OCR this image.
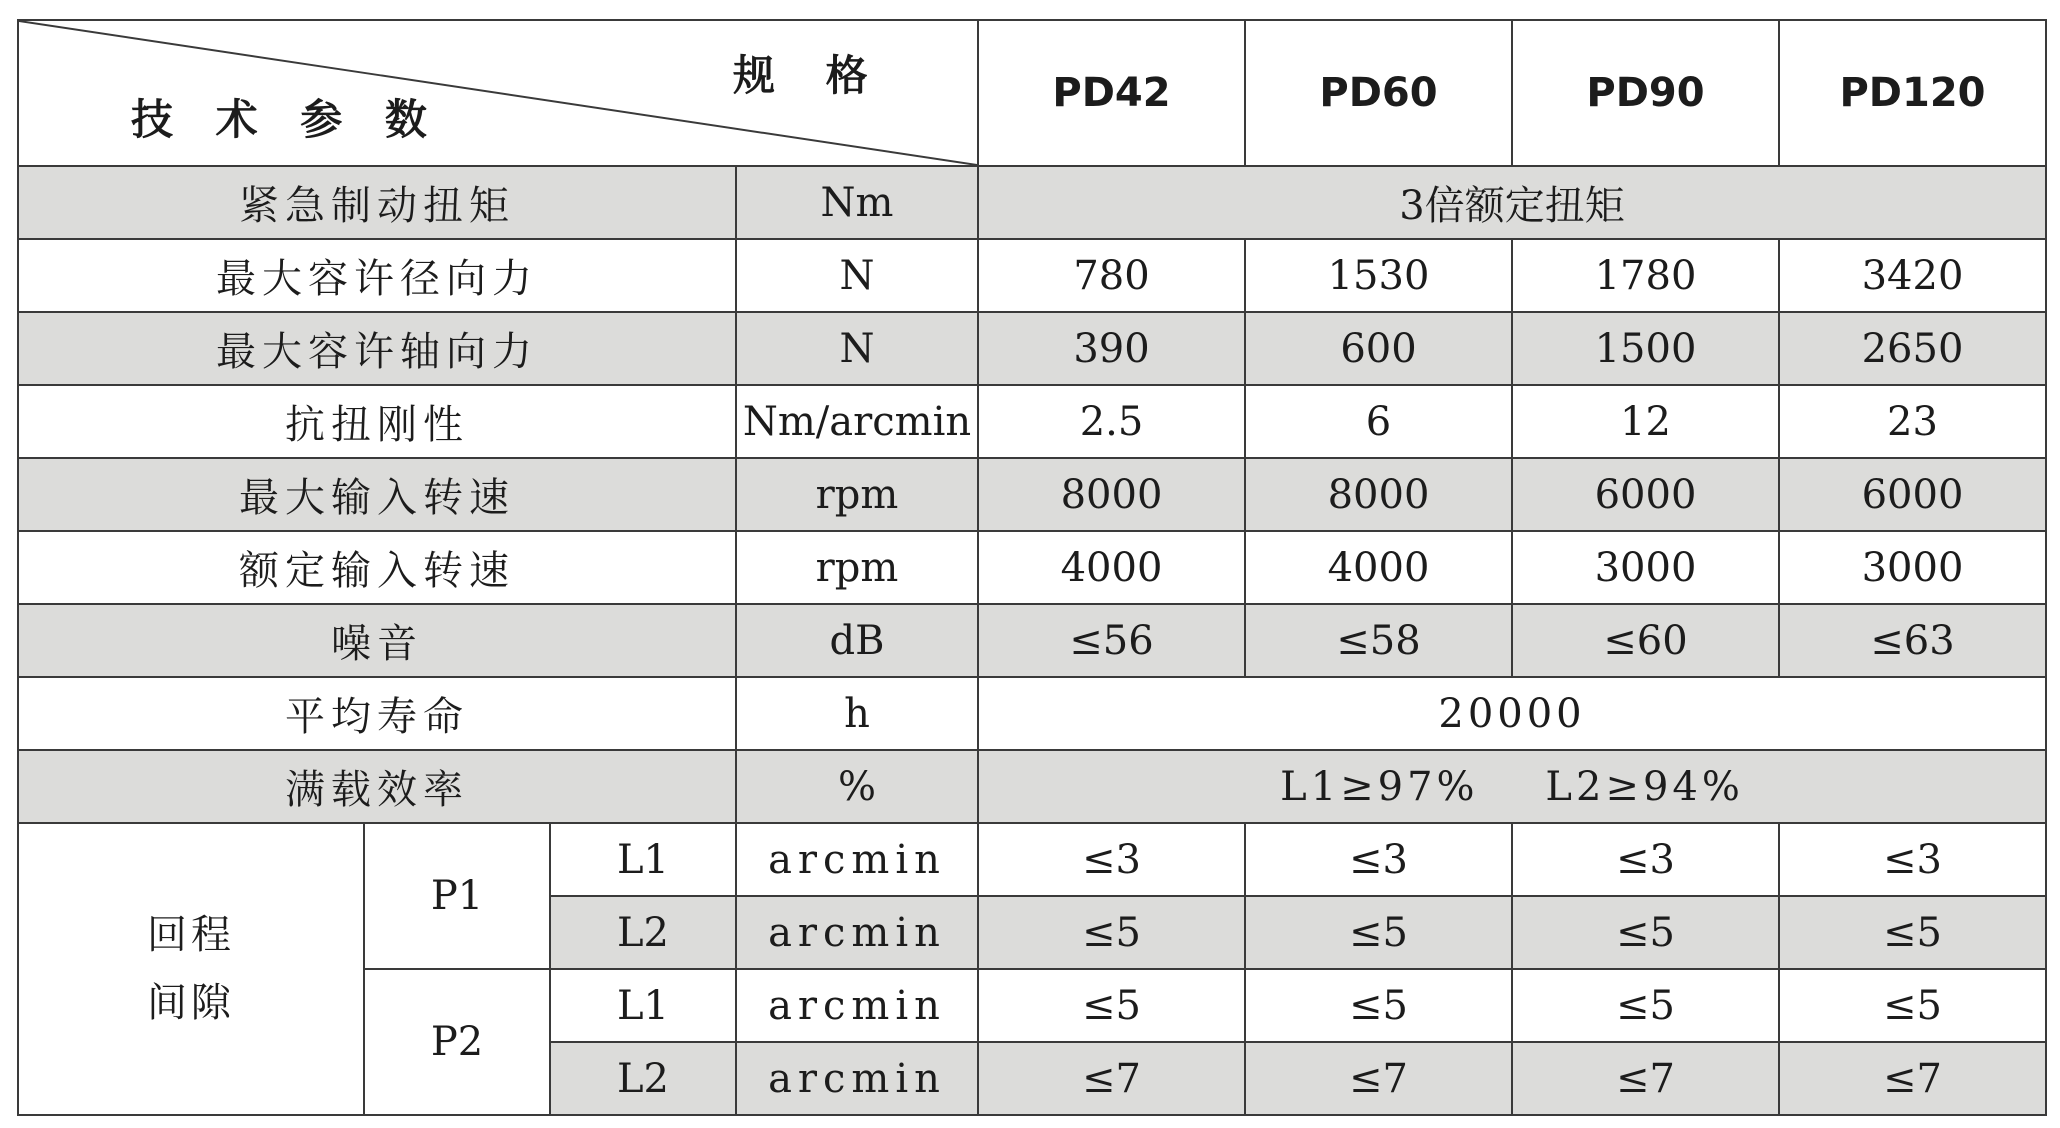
规 格
技 术 参 数				PD42	PD60	PD90	PD120
紧急制动扭矩			Nm	3倍额定扭矩			
最大容许径向力			N	780	1530	1780	3420
最大容许轴向力			N	390	600	1500	2650
抗扭刚性			Nm/arcmin	2.5	6	12	23
最大输入转速			rpm	8000	8000	6000	6000
额定输入转速			rpm	4000	4000	3000	3000
噪音			dB	≤56	≤58	≤60	≤63
平均寿命			h	20000			
满载效率			%	L1≥97%    L2≥94%			
回程
间隙	P1	L1	arcmin	≤3	≤3	≤3	≤3
		L2	arcmin	≤5	≤5	≤5	≤5
	P2	L1	arcmin	≤5	≤5	≤5	≤5
		L2	arcmin	≤7	≤7	≤7	≤7
